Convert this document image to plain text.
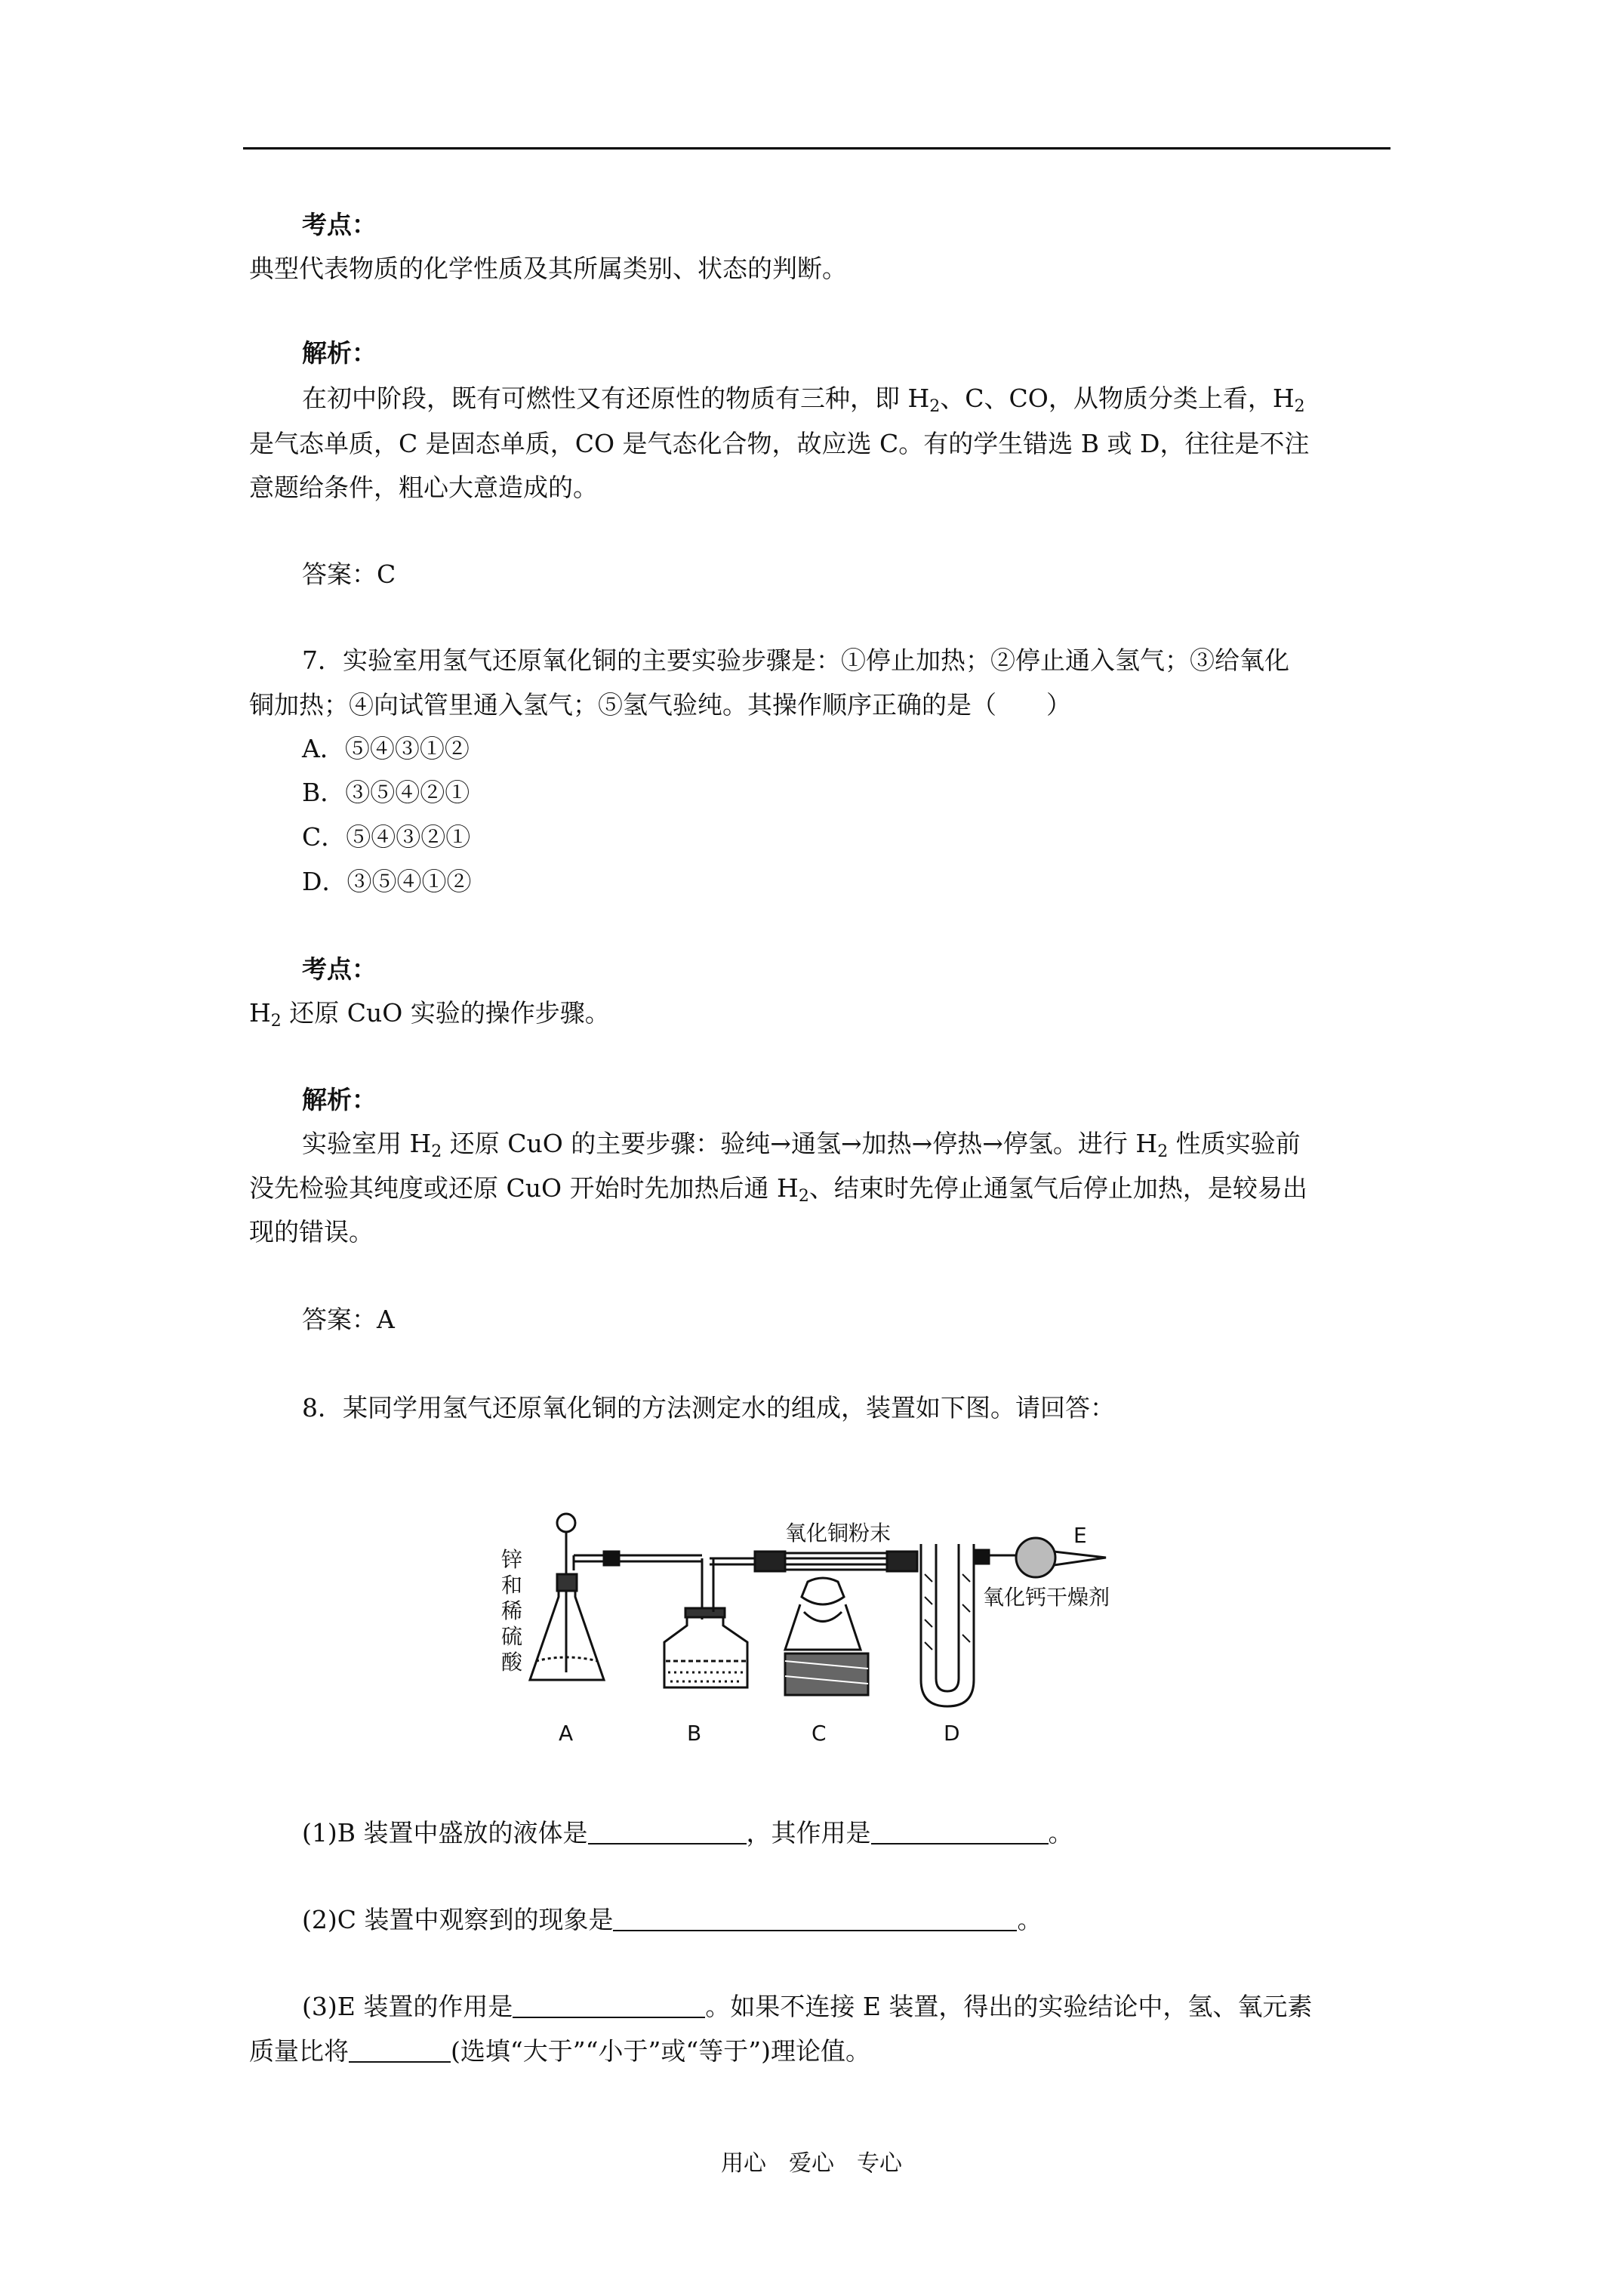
考点：
典型代表物质的化学性质及其所属类别、状态的判断。
解析：
在初中阶段，既有可燃性又有还原性的物质有三种，即 $H_2$、C、CO，从物质分类上看，$H_2$
是气态单质，C 是固态单质，CO 是气态化合物，故应选 C。有的学生错选 B 或 D，往往是不注
意题给条件，粗心大意造成的。
答案：C
7．实验室用氢气还原氧化铜的主要实验步骤是：①停止加热；②停止通入氢气；③给氧化
铜加热；④向试管里通入氢气；⑤氢气验纯。其操作顺序正确的是（　　）
A．⑤④③①②
B．③⑤④②①
C．⑤④③②①
D．③⑤④①②
考点：
$H_2$ 还原 CuO 实验的操作步骤。
解析：
实验室用 $H_2$ 还原 CuO 的主要步骤：验纯→通氢→加热→停热→停氢。进行 $H_2$ 性质实验前
没先检验其纯度或还原 CuO 开始时先加热后通 $H_2$、结束时先停止通氢气后停止加热，是较易出
现的错误。
答案：A
8．某同学用氢气还原氧化铜的方法测定水的组成，装置如下图。请回答：
锌
和
稀
硫
酸
氧化铜粉末	E
氧化钙干燥剂
A	B	C	D
(1)B 装置中盛放的液体是	，其作用是	。
(2)C 装置中观察到的现象是	。
(3)E 装置的作用是	。如果不连接 E 装置，得出的实验结论中，氢、氧元素
质量比将	(选填“大于”“小于”或“等于”)理论值。
用心　爱心　专心
